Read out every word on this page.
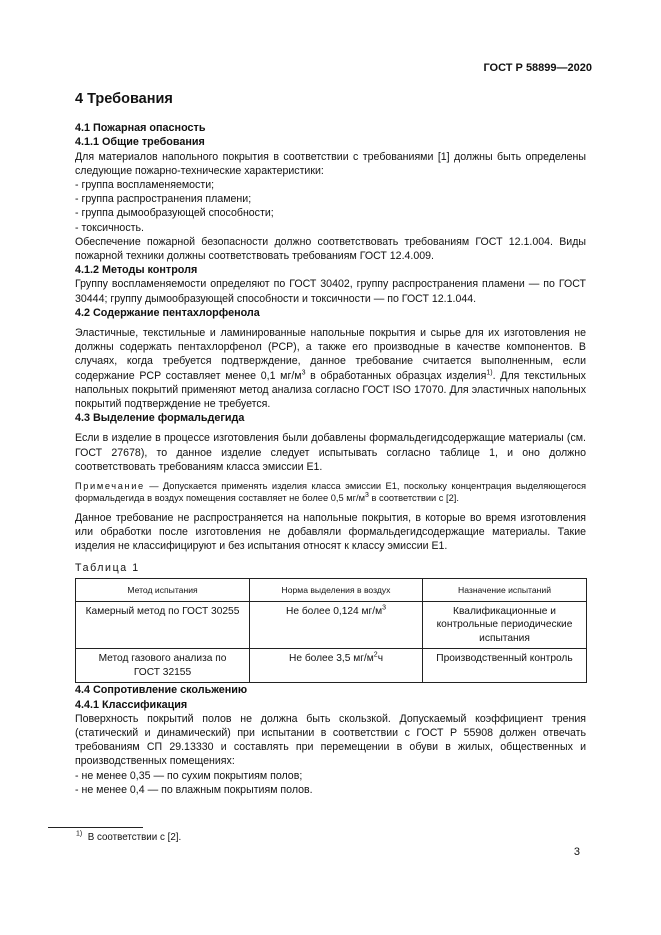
ГОСТ Р 58899—2020
4 Требования
4.1 Пожарная опасность
4.1.1 Общие требования

Для материалов напольного покрытия в соответствии с требованиями [1] должны быть определены следующие пожарно-технические характеристики:

- группа воспламеняемости;
- группа распространения пламени;
- группа дымообразующей способности;
- токсичность.

Обеспечение пожарной безопасности должно соответствовать требованиям ГОСТ 12.1.004. Виды пожарной техники должны соответствовать требованиям ГОСТ 12.4.009.

4.1.2 Методы контроля

Группу воспламеняемости определяют по ГОСТ 30402, группу распространения пламени — по ГОСТ 30444; группу дымообразующей способности и токсичности — по ГОСТ 12.1.044.

4.2 Содержание пентахлорфенола

Эластичные, текстильные и ламинированные напольные покрытия и сырье для их изготовления не должны содержать пентахлорфенол (РСР), а также его производные в качестве компонентов. В случаях, когда требуется подтверждение, данное требование считается выполненным, если содержание PCP составляет менее 0,1 $мг/м^3$ в обработанных образцах изделия$^{1)}$. Для текстильных напольных покрытий применяют метод анализа согласно ГОСТ ISO 17070. Для эластичных напольных покрытий подтверждение не требуется.

4.3 Выделение формальдегида

Если в изделие в процессе изготовления были добавлены формальдегидсодержащие материалы (см. ГОСТ 27678), то данное изделие следует испытывать согласно таблице 1, и оно должно соответствовать требованиям класса эмиссии Е1.

Примечание — Допускается применять изделия класса эмиссии Е1, поскольку концентрация выделяющегося формальдегида в воздух помещения составляет не более 0,5 $мг/м^3$ в соответствии с [2].

Данное требование не распространяется на напольные покрытия, в которые во время изготовления или обработки после изготовления не добавляли формальдегидсодержащие материалы. Такие изделия не классифицируют и без испытания относят к классу эмиссии Е1.

Таблица 1
Метод испытания	Норма выделения в воздух	Назначение испытаний
Камерный метод по ГОСТ 30255	Не более 0,124 $мг/м^3$	Квалификационные и контрольные периодические испытания
Метод газового анализа по ГОСТ 32155	Не более 3,5 $мг/м^2ч$	Производственный контроль
4.4 Сопротивление скольжению
4.4.1 Классификация

Поверхность покрытий полов не должна быть скользкой. Допускаемый коэффициент трения (статический и динамический) при испытании в соответствии с ГОСТ Р 55908 должен отвечать требованиям СП 29.13330 и составлять при перемещении в обуви в жилых, общественных и производственных помещениях:

- не менее 0,35 — по сухим покрытиям полов;
- не менее 0,4 — по влажным покрытиям полов.
$^{1)}$ В соответствии с [2].
3
